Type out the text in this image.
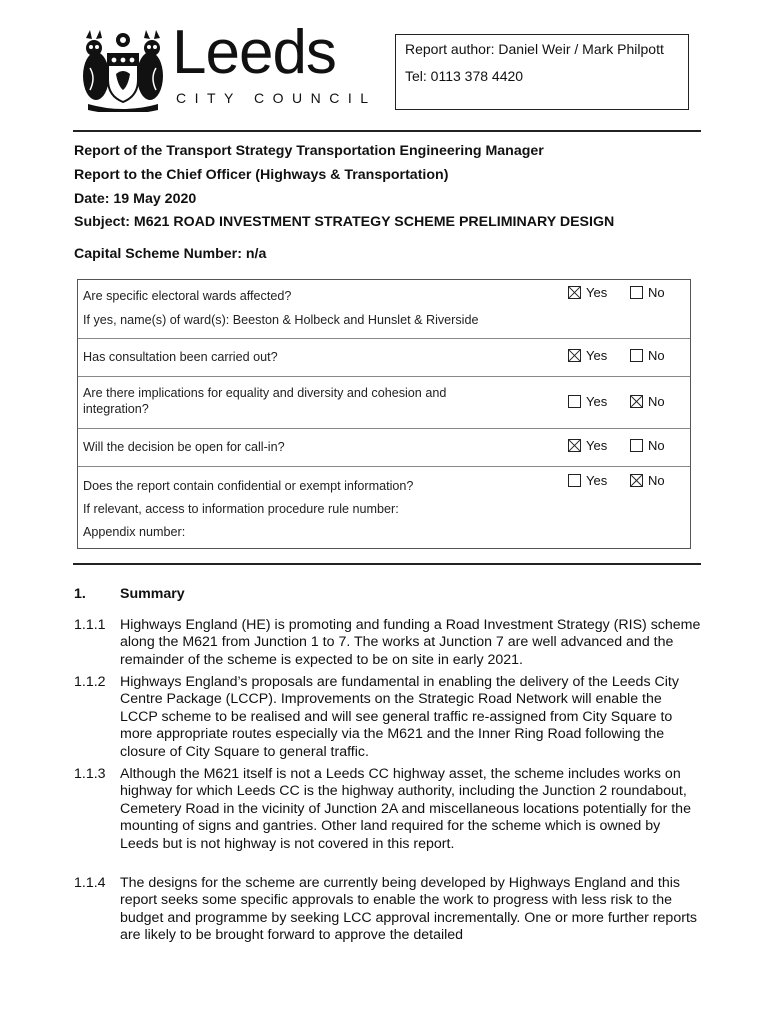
Leeds
CITY COUNCIL
Report author: Daniel Weir / Mark Philpott
Tel: 0113 378 4420
Report of the Transport Strategy Transportation Engineering Manager
Report to the Chief Officer (Highways & Transportation)
Date: 19 May 2020
Subject: M621 ROAD INVESTMENT STRATEGY SCHEME PRELIMINARY DESIGN
Capital Scheme Number: n/a
Are specific electoral wards affected?
If yes, name(s) of ward(s): Beeston & Holbeck and Hunslet & Riverside
Yes	No
Has consultation been carried out?	Yes	No
Are there implications for equality and diversity and cohesion and integration?	Yes	No
Will the decision be open for call-in?	Yes	No
Does the report contain confidential or exempt information?
If relevant, access to information procedure rule number:
Appendix number:
Yes	No
1. Summary
1.1.1 Highways England (HE) is promoting and funding a Road Investment Strategy (RIS) scheme along the M621 from Junction 1 to 7. The works at Junction 7 are well advanced and the remainder of the scheme is expected to be on site in early 2021.
1.1.2 Highways England’s proposals are fundamental in enabling the delivery of the Leeds City Centre Package (LCCP). Improvements on the Strategic Road Network will enable the LCCP scheme to be realised and will see general traffic re-assigned from City Square to more appropriate routes especially via the M621 and the Inner Ring Road following the closure of City Square to general traffic.
1.1.3 Although the M621 itself is not a Leeds CC highway asset, the scheme includes works on highway for which Leeds CC is the highway authority, including the Junction 2 roundabout, Cemetery Road in the vicinity of Junction 2A and miscellaneous locations potentially for the mounting of signs and gantries. Other land required for the scheme which is owned by Leeds but is not highway is not covered in this report.
1.1.4 The designs for the scheme are currently being developed by Highways England and this report seeks some specific approvals to enable the work to progress with less risk to the budget and programme by seeking LCC approval incrementally. One or more further reports are likely to be brought forward to approve the detailed
